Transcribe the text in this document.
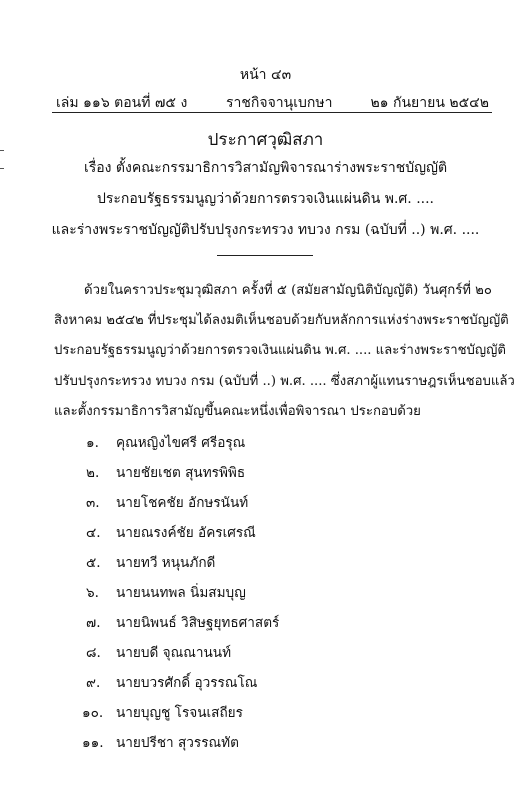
หน้า ๔๓
เล่ม ๑๑๖ ตอนที่ ๗๕ ง	ราชกิจจานุเบกษา	๒๑ กันยายน ๒๕๔๒
ประกาศวุฒิสภา
เรื่อง ตั้งคณะกรรมาธิการวิสามัญพิจารณาร่างพระราชบัญญัติ
ประกอบรัฐธรรมนูญว่าด้วยการตรวจเงินแผ่นดิน พ.ศ. ....
และร่างพระราชบัญญัติปรับปรุงกระทรวง ทบวง กรม (ฉบับที่ ..) พ.ศ. ....
ด้วยในคราวประชุมวุฒิสภา ครั้งที่ ๕ (สมัยสามัญนิติบัญญัติ) วันศุกร์ที่ ๒๐
สิงหาคม ๒๕๔๒ ที่ประชุมได้ลงมติเห็นชอบด้วยกับหลักการแห่งร่างพระราชบัญญัติ
ประกอบรัฐธรรมนูญว่าด้วยการตรวจเงินแผ่นดิน พ.ศ. .... และร่างพระราชบัญญัติ
ปรับปรุงกระทรวง ทบวง กรม (ฉบับที่ ..) พ.ศ. .... ซึ่งสภาผู้แทนราษฎรเห็นชอบแล้ว
และตั้งกรรมาธิการวิสามัญขึ้นคณะหนึ่งเพื่อพิจารณา ประกอบด้วย
๑. คุณหญิงไขศรี ศรีอรุณ
๒. นายชัยเชต สุนทรพิพิธ
๓. นายโชคชัย อักษรนันท์
๔. นายณรงค์ชัย อัครเศรณี
๕. นายทวี หนุนภักดี
๖. นายนนทพล นิ่มสมบุญ
๗. นายนิพนธ์ วิสิษฐยุทธศาสตร์
๘. นายบดี จุณณานนท์
๙. นายบวรศักดิ์ อุวรรณโณ
๑๐. นายบุญชู โรจนเสถียร
๑๑. นายปรีชา สุวรรณทัต
